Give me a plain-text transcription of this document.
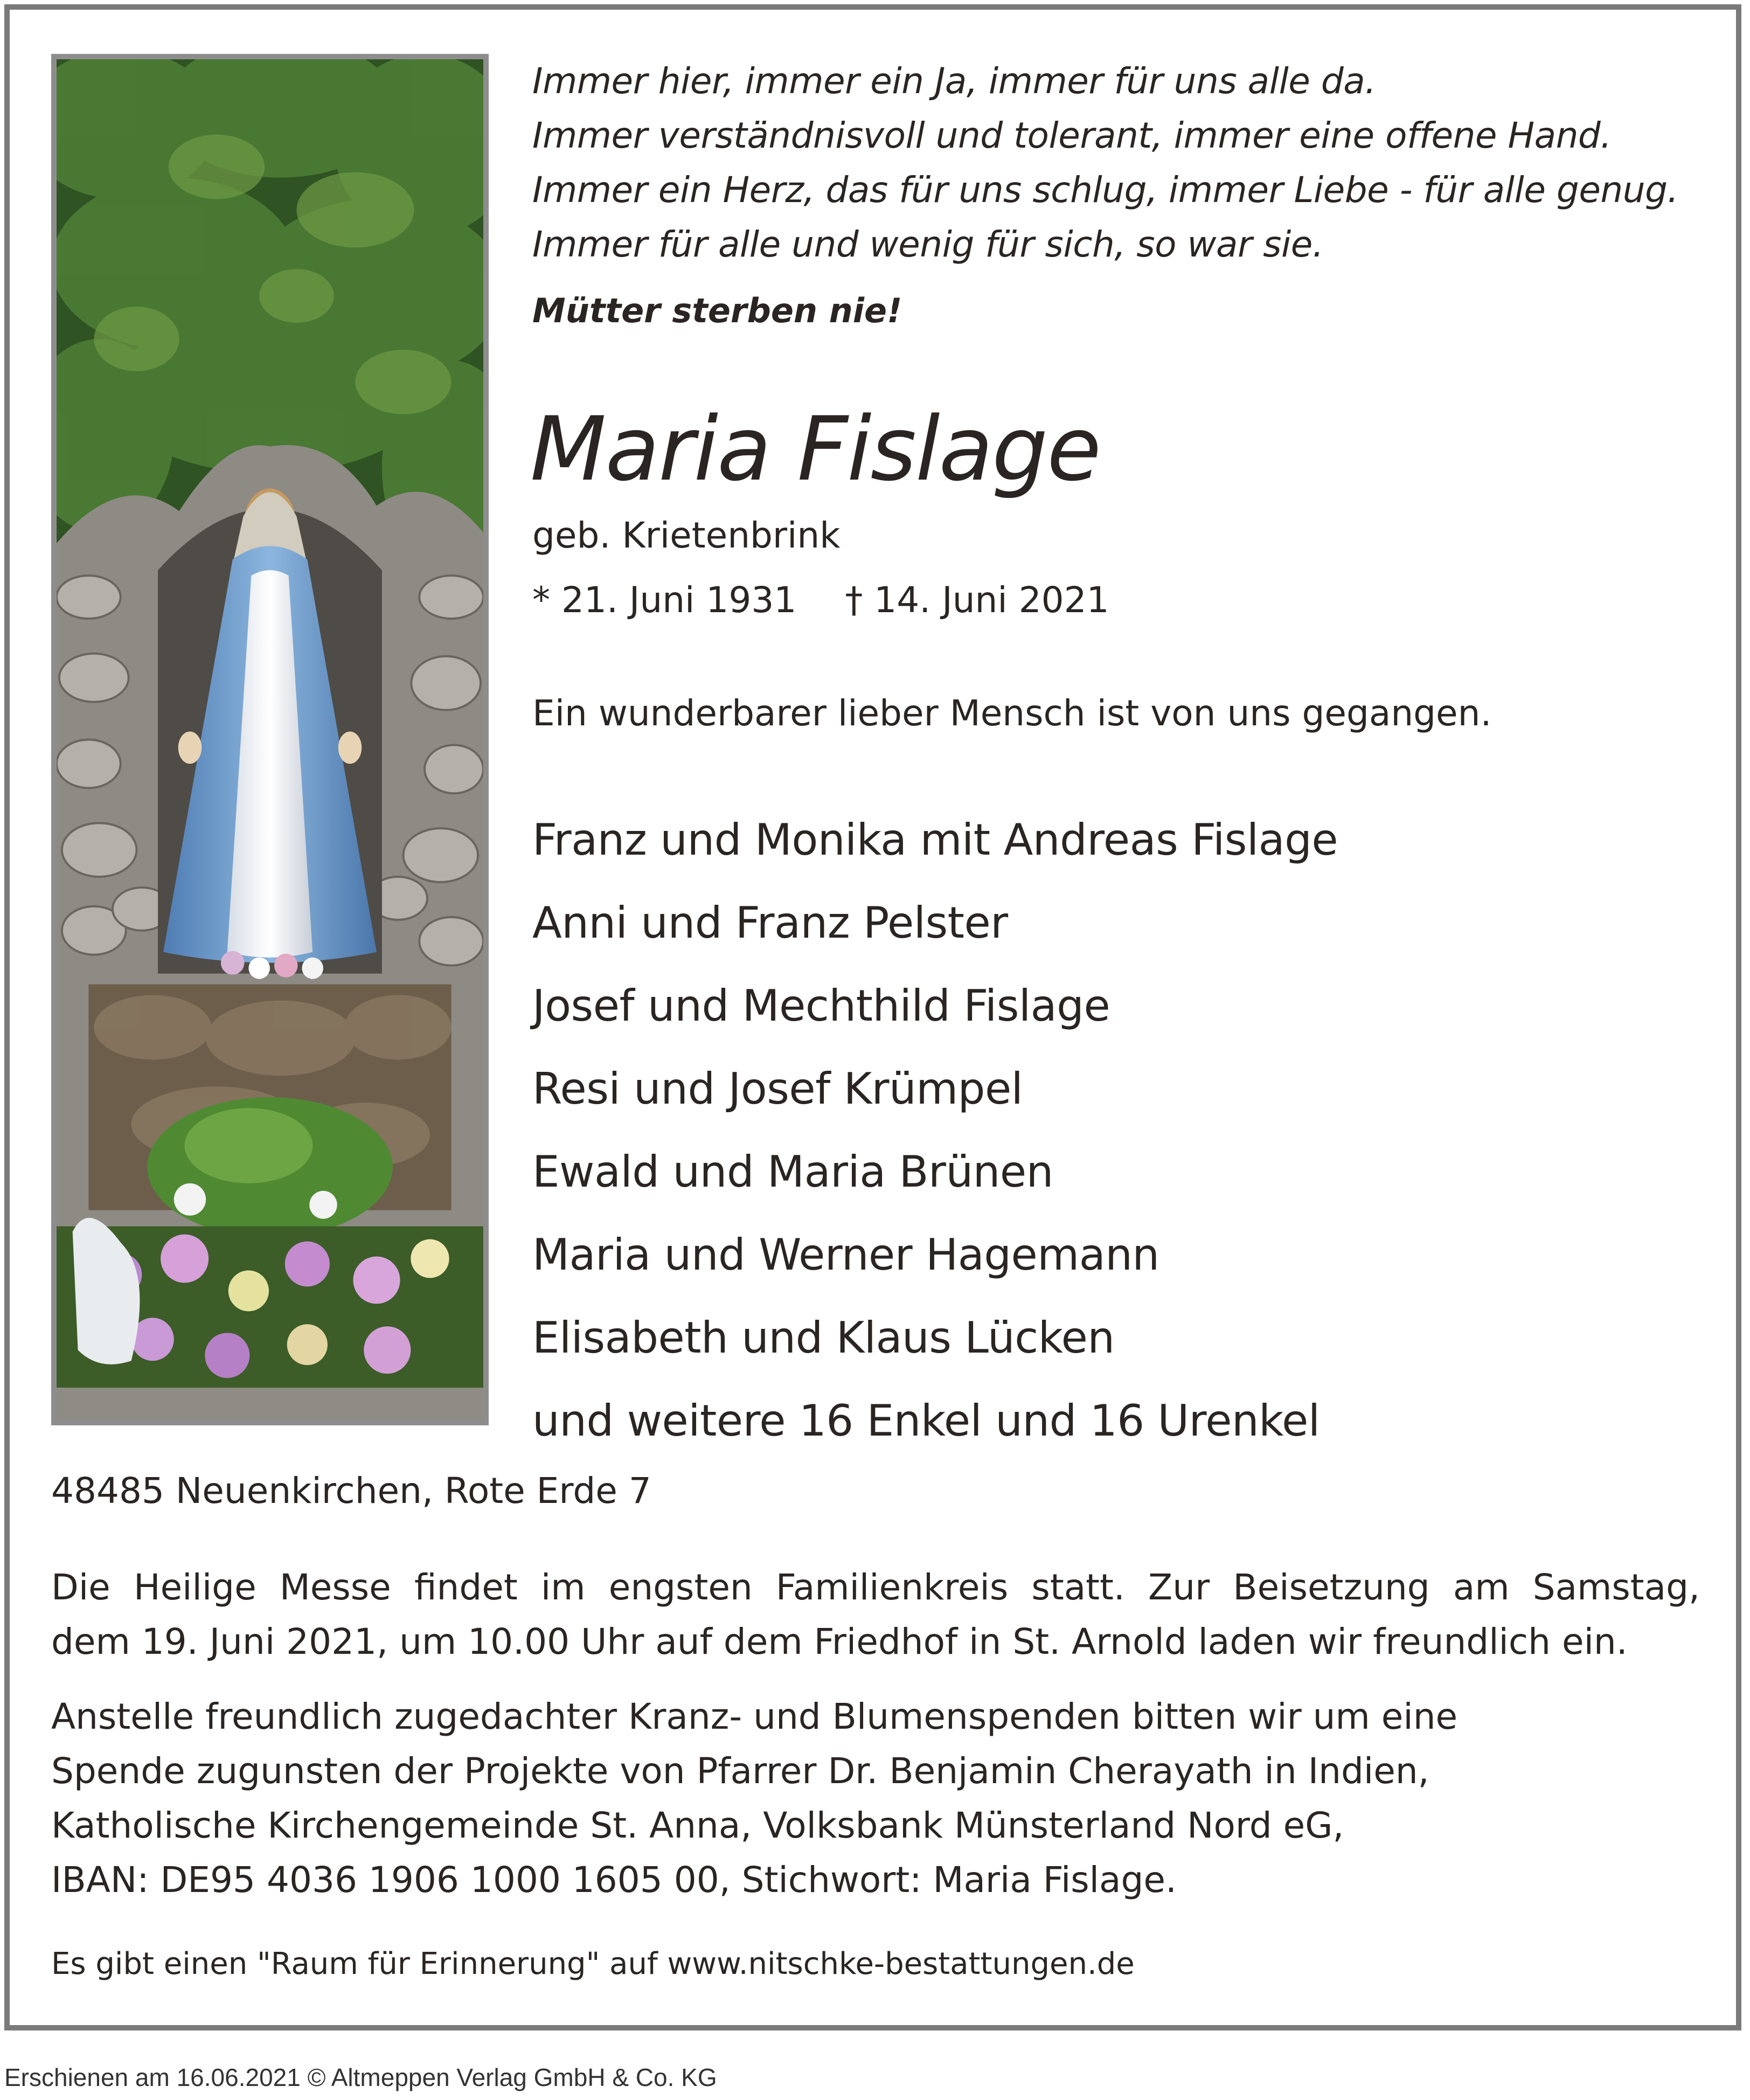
Immer hier, immer ein Ja, immer für uns alle da.
Immer verständnisvoll und tolerant, immer eine offene Hand.
Immer ein Herz, das für uns schlug, immer Liebe - für alle genug.
Immer für alle und wenig für sich, so war sie.
Mütter sterben nie!
Maria Fislage
geb. Krietenbrink
* 21. Juni 1931 † 14. Juni 2021
Ein wunderbarer lieber Mensch ist von uns gegangen.
Franz und Monika mit Andreas Fislage
Anni und Franz Pelster
Josef und Mechthild Fislage
Resi und Josef Krümpel
Ewald und Maria Brünen
Maria und Werner Hagemann
Elisabeth und Klaus Lücken
und weitere 16 Enkel und 16 Urenkel
48485 Neuenkirchen, Rote Erde 7
Die Heilige Messe findet im engsten Familienkreis statt. Zur Beisetzung am Samstag,
dem 19. Juni 2021, um 10.00 Uhr auf dem Friedhof in St. Arnold laden wir freundlich ein.
Anstelle freundlich zugedachter Kranz- und Blumenspenden bitten wir um eine
Spende zugunsten der Projekte von Pfarrer Dr. Benjamin Cherayath in Indien,
Katholische Kirchengemeinde St. Anna, Volksbank Münsterland Nord eG,
IBAN: DE95 4036 1906 1000 1605 00, Stichwort: Maria Fislage.
Es gibt einen "Raum für Erinnerung" auf www.nitschke-bestattungen.de
Erschienen am 16.06.2021 © Altmeppen Verlag GmbH & Co. KG
